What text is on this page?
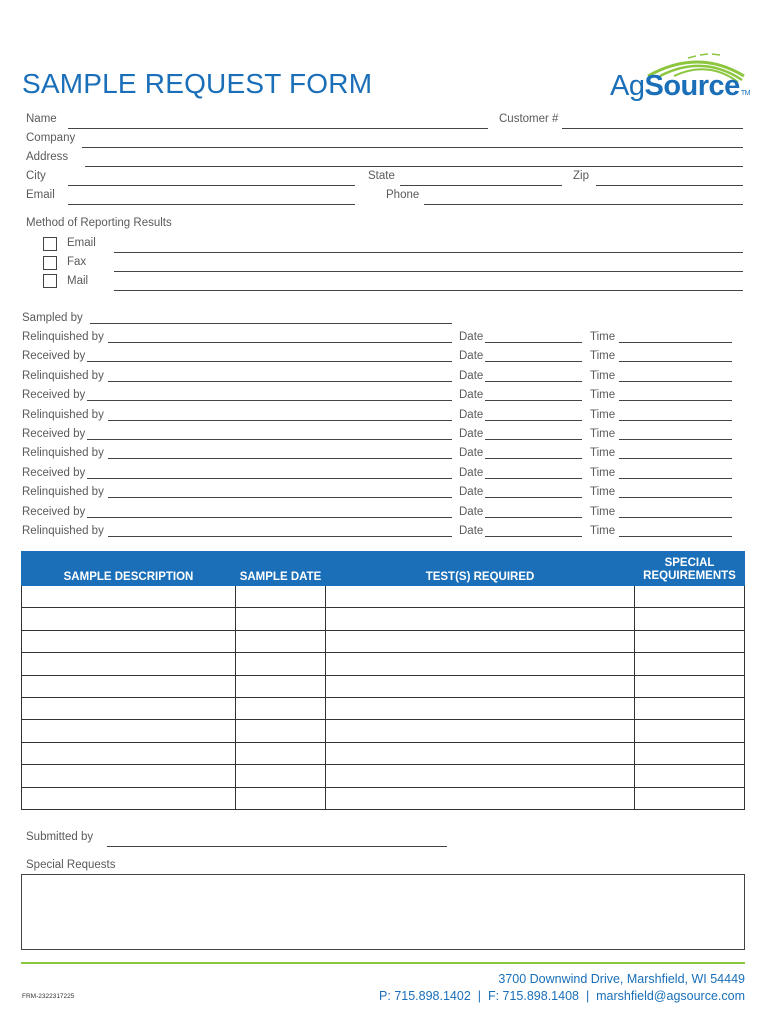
SAMPLE REQUEST FORM	AgSourceTM
Name	Customer #
Company
Address
City	State	Zip
Email	Phone
Method of Reporting Results
Email
Fax
Mail
Sampled by
Relinquished by	Date	Time
Received by	Date	Time
Relinquished by	Date	Time
Received by	Date	Time
Relinquished by	Date	Time
Received by	Date	Time
Relinquished by	Date	Time
Received by	Date	Time
Relinquished by	Date	Time
Received by	Date	Time
Relinquished by	Date	Time
SAMPLE DESCRIPTION	SAMPLE DATE	TEST(S) REQUIRED	SPECIAL
REQUIREMENTS

Submitted by
Special Requests
3700 Downwind Drive, Marshfield, WI 54449
P: 715.898.1402  |  F: 715.898.1408  |  marshfield@agsource.com
FRM-2322317225
